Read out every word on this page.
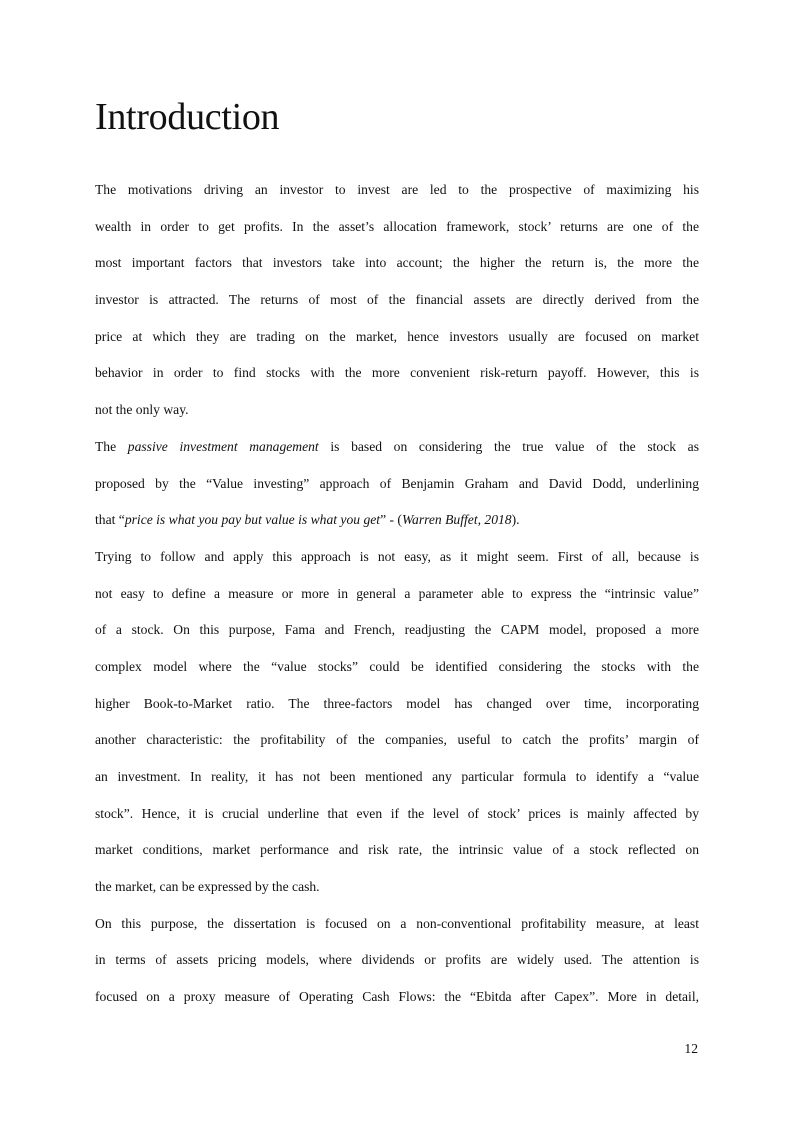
Introduction
The motivations driving an investor to invest are led to the prospective of maximizing his
wealth in order to get profits. In the asset’s allocation framework, stock’ returns are one of the
most important factors that investors take into account; the higher the return is, the more the
investor is attracted. The returns of most of the financial assets are directly derived from the
price at which they are trading on the market, hence investors usually are focused on market
behavior in order to find stocks with the more convenient risk-return payoff. However, this is
not the only way.
The passive investment management is based on considering the true value of the stock as
proposed by the “Value investing” approach of Benjamin Graham and David Dodd, underlining
that “price is what you pay but value is what you get” - (Warren Buffet, 2018).
Trying to follow and apply this approach is not easy, as it might seem. First of all, because is
not easy to define a measure or more in general a parameter able to express the “intrinsic value”
of a stock. On this purpose, Fama and French, readjusting the CAPM model, proposed a more
complex model where the “value stocks” could be identified considering the stocks with the
higher Book-to-Market ratio. The three-factors model has changed over time, incorporating
another characteristic: the profitability of the companies, useful to catch the profits’ margin of
an investment. In reality, it has not been mentioned any particular formula to identify a “value
stock”. Hence, it is crucial underline that even if the level of stock’ prices is mainly affected by
market conditions, market performance and risk rate, the intrinsic value of a stock reflected on
the market, can be expressed by the cash.
On this purpose, the dissertation is focused on a non-conventional profitability measure, at least
in terms of assets pricing models, where dividends or profits are widely used. The attention is
focused on a proxy measure of Operating Cash Flows: the “Ebitda after Capex”. More in detail,
12
